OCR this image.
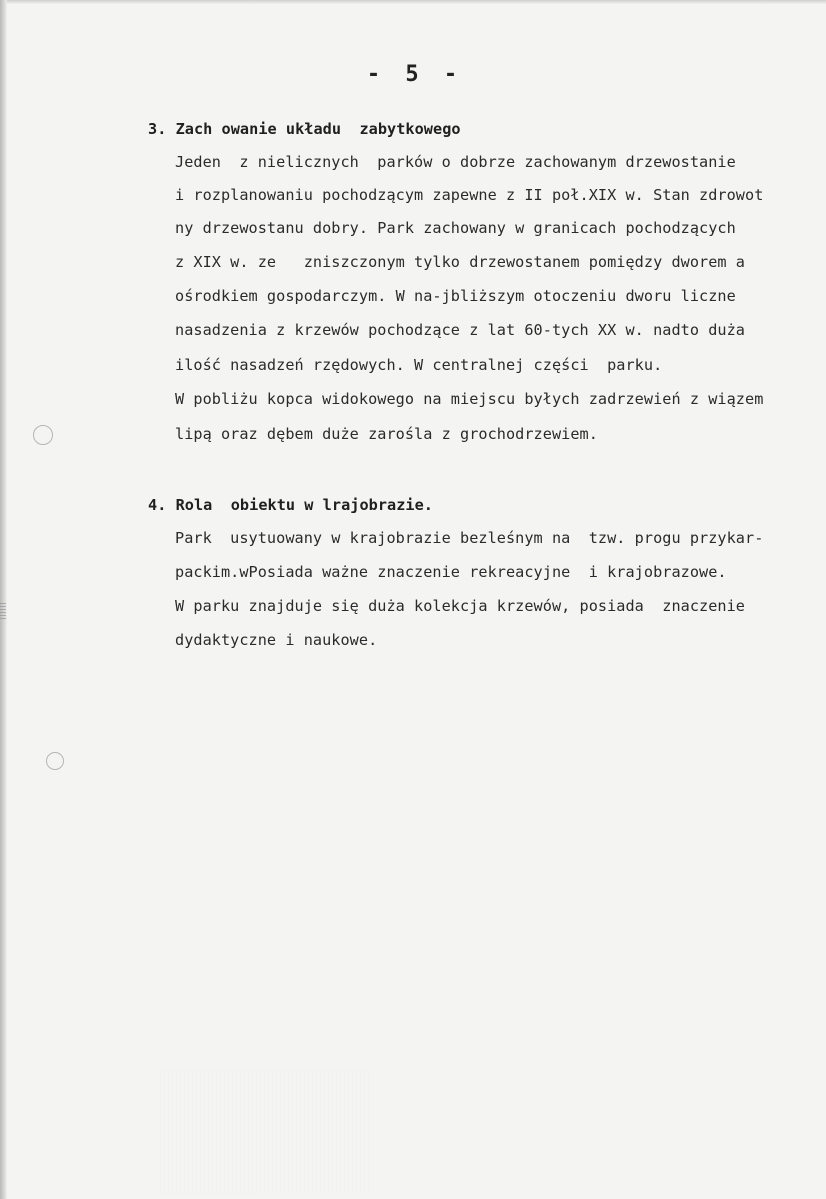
- 5 -
3. Zach owanie układu  zabytkowego
Jeden  z nielicznych  parków o dobrze zachowanym drzewostanie
i rozplanowaniu pochodzącym zapewne z II poł.XIX w. Stan zdrowot
ny drzewostanu dobry. Park zachowany w granicach pochodzących
z XIX w. ze   zniszczonym tylko drzewostanem pomiędzy dworem a
ośrodkiem gospodarczym. W na-jbliższym otoczeniu dworu liczne
nasadzenia z krzewów pochodzące z lat 60-tych XX w. nadto duża
ilość nasadzeń rzędowych. W centralnej części  parku.
W pobliżu kopca widokowego na miejscu byłych zadrzewień z wiązem
lipą oraz dębem duże zarośla z grochodrzewiem.
4. Rola  obiektu w lrajobrazie.
Park  usytuowany w krajobrazie bezleśnym na  tzw. progu przykar-
packim.wPosiada ważne znaczenie rekreacyjne  i krajobrazowe.
W parku znajduje się duża kolekcja krzewów, posiada  znaczenie
dydaktyczne i naukowe.
